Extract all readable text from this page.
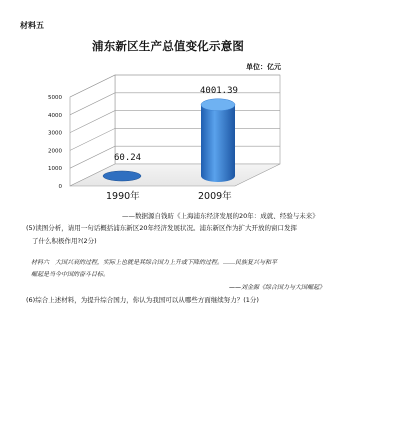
材料五
浦东新区生产总值变化示意图
单位：亿元
0
1000
2000
3000
4000
5000
60.24
1990年
4001.39
2009年
——数据源自钱昉《上海浦东经济发展的20年：成就、经验与未来》
(5)读图分析，请用一句话概括浦东新区20年经济发展状况。浦东新区作为扩大开放的窗口发挥
了什么积极作用?(2分)
材料六　大国兴衰的过程，实际上也就是其综合国力上升或下降的过程。……民族复兴与和平
崛起是当今中国的奋斗目标。
——刘金源《综合国力与大国崛起》
(6)综合上述材料，为提升综合国力，你认为我国可以从哪些方面继续努力？(1分)
